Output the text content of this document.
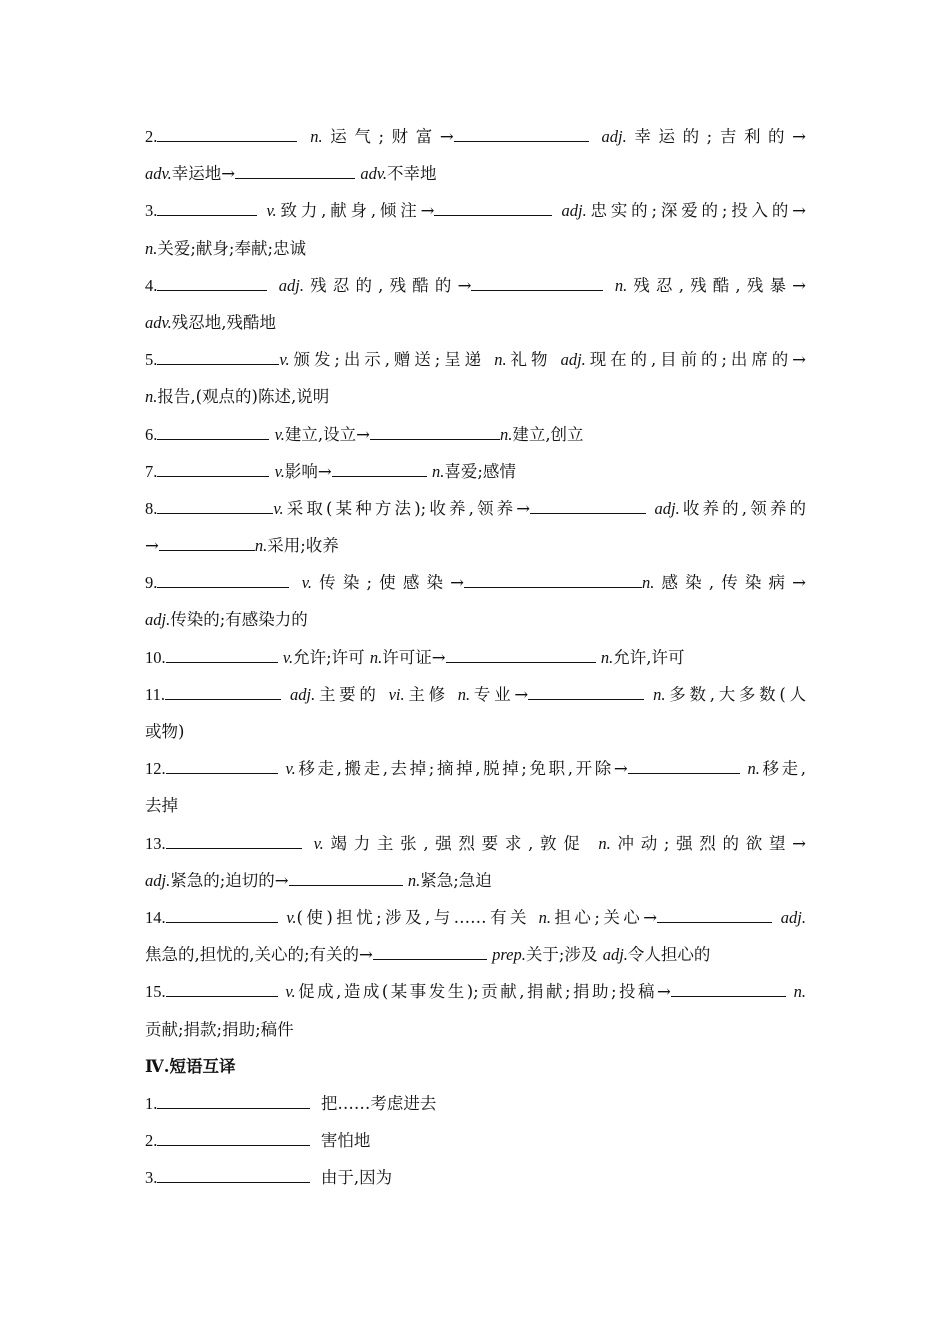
2.	n.运气;财富→	adj.幸运的;吉利的→
adv.幸运地→	adv.不幸地
3.	v.致力,献身,倾注→	adj.忠实的;深爱的;投入的→
n.关爱;献身;奉献;忠诚
4.	adj.残忍的,残酷的→	n.残忍,残酷,残暴→
adv.残忍地,残酷地
5.	v.颁发;出示,赠送;呈递 n.礼物 adj.现在的,目前的;出席的→
n.报告,(观点的)陈述,说明
6.	v.建立,设立→	n.建立,创立
7.	v.影响→	n.喜爱;感情
8.	v.采取(某种方法);收养,领养→	adj.收养的,领养的
→	n.采用;收养
9.	v.传染;使感染→	n.感染,传染病→
adj.传染的;有感染力的
10.	v.允许;许可 n.许可证→	n.允许,许可
11.	adj.主要的 vi.主修 n.专业→	n.多数,大多数(人
或物)
12.	v.移走,搬走,去掉;摘掉,脱掉;免职,开除→	n.移走,
去掉
13.	v.竭力主张,强烈要求,敦促 n.冲动;强烈的欲望→
adj.紧急的;迫切的→	n.紧急;急迫
14.	v.(使)担忧;涉及,与……有关 n.担心;关心→	adj.
焦急的,担忧的,关心的;有关的→	prep.关于;涉及 adj.令人担心的
15.	v.促成,造成(某事发生);贡献,捐献;捐助;投稿→	n.
贡献;捐款;捐助;稿件
Ⅳ.短语互译
1.	把……考虑进去
2.	害怕地
3.	由于,因为
